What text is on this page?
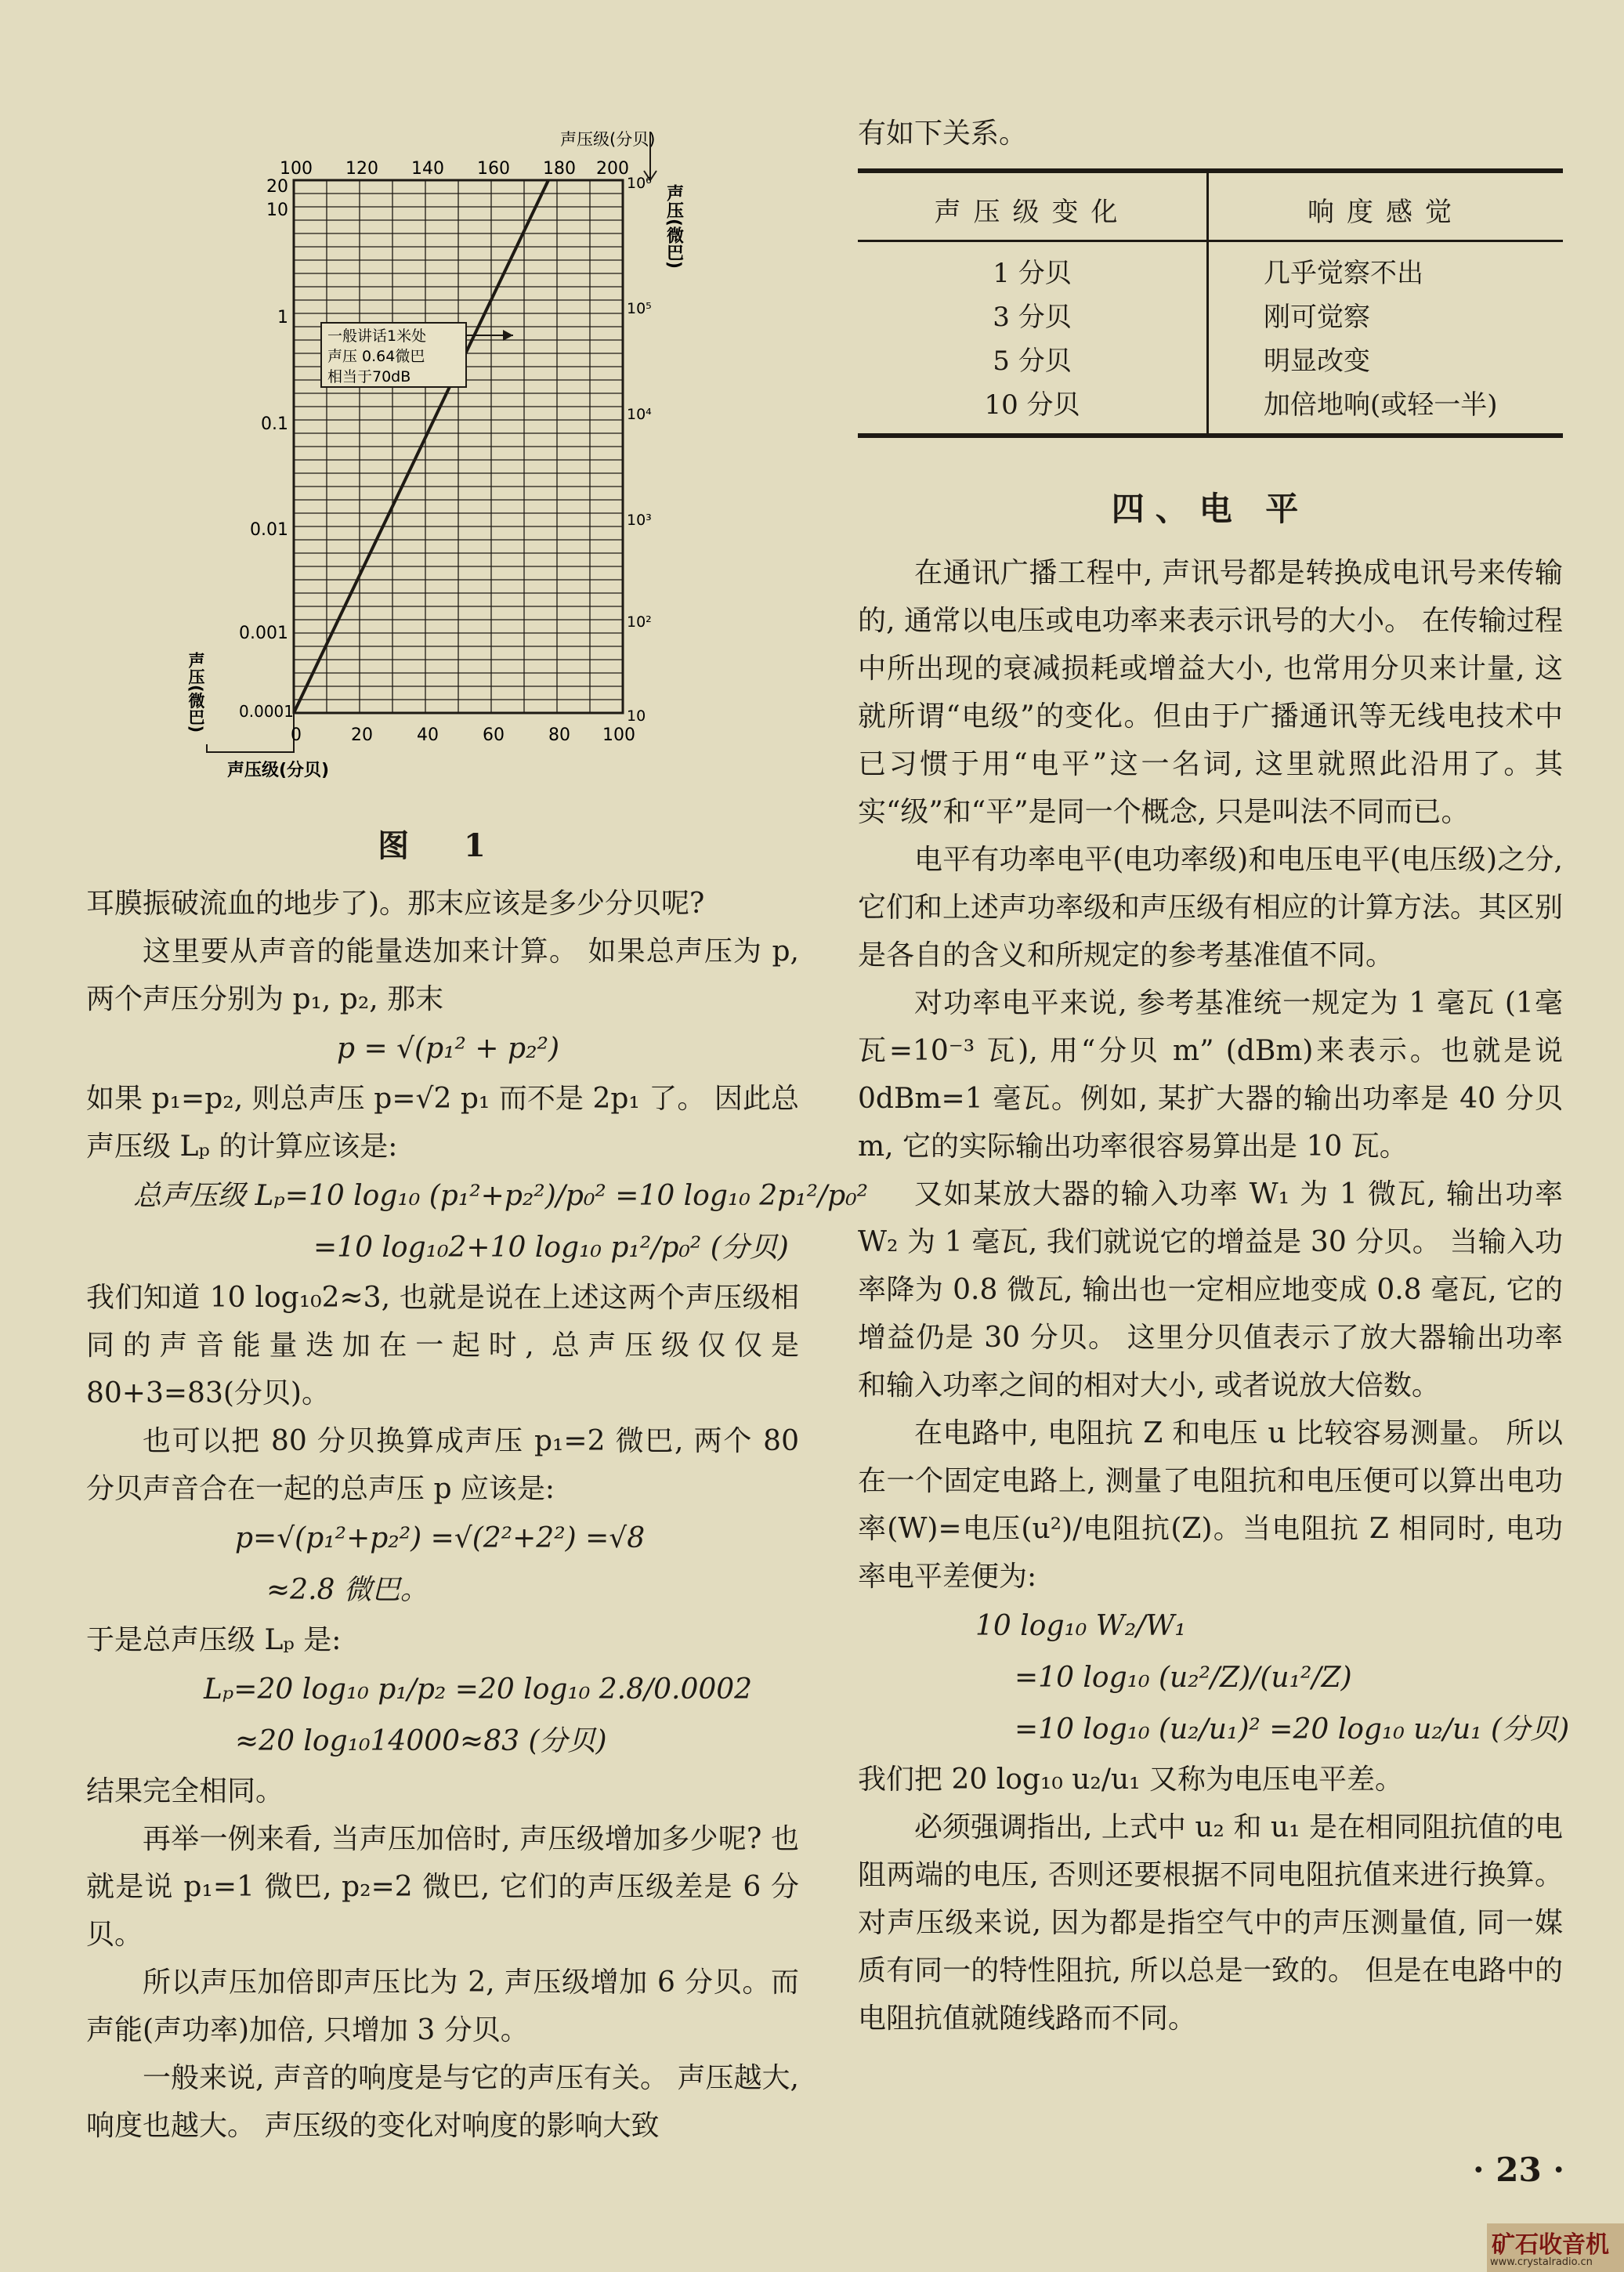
一般讲话1米处
声压 0.64微巴
相当于70dB
声压级(分贝)
100 120 140 160 180 200
声压(微巴)
10⁶
10⁵
10⁴
10³
10²
10
20
10
1
0.1
0.01
0.001
0.0001
声压(微巴)
0	20	40	60	80 100
声压级(分贝)
图 1

耳膜振破流血的地步了)。那末应该是多少分贝呢?

这里要从声音的能量迭加来计算。 如果总声压为 p, 两个声压分别为 p₁, p₂, 那末

p = √(p₁² + p₂²)

如果 p₁=p₂, 则总声压 p=√2 p₁ 而不是 2p₁ 了。 因此总声压级 Lₚ 的计算应该是:

总声压级 Lₚ=10 log₁₀ (p₁²+p₂²)/p₀² =10 log₁₀ 2p₁²/p₀²

=10 log₁₀2+10 log₁₀ p₁²/p₀² (分贝)

我们知道 10 log₁₀2≈3, 也就是说在上述这两个声压级相同的声音能量迭加在一起时, 总声压级仅仅是 80+3=83(分贝)。

也可以把 80 分贝换算成声压 p₁=2 微巴, 两个 80 分贝声音合在一起的总声压 p 应该是:

p=√(p₁²+p₂²) =√(2²+2²) =√8

≈2.8 微巴。

于是总声压级 Lₚ 是:

Lₚ=20 log₁₀ p₁/p₂ =20 log₁₀ 2.8/0.0002

≈20 log₁₀14000≈83 (分贝)

结果完全相同。

再举一例来看, 当声压加倍时, 声压级增加多少呢? 也就是说 p₁=1 微巴, p₂=2 微巴, 它们的声压级差是 6 分贝。

所以声压加倍即声压比为 2, 声压级增加 6 分贝。而声能(声功率)加倍, 只增加 3 分贝。

一般来说, 声音的响度是与它的声压有关。 声压越大, 响度也越大。 声压级的变化对响度的影响大致

有如下关系。

声压级变化	响度感觉
1 分贝	几乎觉察不出
3 分贝	刚可觉察
5 分贝	明显改变
10 分贝	加倍地响(或轻一半)
四、电 平

在通讯广播工程中, 声讯号都是转换成电讯号来传输的, 通常以电压或电功率来表示讯号的大小。 在传输过程中所出现的衰减损耗或增益大小, 也常用分贝来计量, 这就所谓“电级”的变化。但由于广播通讯等无线电技术中已习惯于用“电平”这一名词, 这里就照此沿用了。其实“级”和“平”是同一个概念, 只是叫法不同而已。

电平有功率电平(电功率级)和电压电平(电压级)之分, 它们和上述声功率级和声压级有相应的计算方法。其区别是各自的含义和所规定的参考基准值不同。

对功率电平来说, 参考基准统一规定为 1 毫瓦 (1毫瓦=10⁻³ 瓦), 用“分贝 m” (dBm)来表示。也就是说 0dBm=1 毫瓦。例如, 某扩大器的输出功率是 40 分贝 m, 它的实际输出功率很容易算出是 10 瓦。

又如某放大器的输入功率 W₁ 为 1 微瓦, 输出功率 W₂ 为 1 毫瓦, 我们就说它的增益是 30 分贝。 当输入功率降为 0.8 微瓦, 输出也一定相应地变成 0.8 毫瓦, 它的增益仍是 30 分贝。 这里分贝值表示了放大器输出功率和输入功率之间的相对大小, 或者说放大倍数。

在电路中, 电阻抗 Z 和电压 u 比较容易测量。 所以在一个固定电路上, 测量了电阻抗和电压便可以算出电功率(W)=电压(u²)/电阻抗(Z)。当电阻抗 Z 相同时, 电功率电平差便为:

10 log₁₀ W₂/W₁

=10 log₁₀ (u₂²/Z)/(u₁²/Z)

=10 log₁₀ (u₂/u₁)² =20 log₁₀ u₂/u₁ (分贝)

我们把 20 log₁₀ u₂/u₁ 又称为电压电平差。

必须强调指出, 上式中 u₂ 和 u₁ 是在相同阻抗值的电阻两端的电压, 否则还要根据不同电阻抗值来进行换算。 对声压级来说, 因为都是指空气中的声压测量值, 同一媒质有同一的特性阻抗, 所以总是一致的。 但是在电路中的电阻抗值就随线路而不同。

· 23 ·
矿石收音机
www.crystalradio.cn
